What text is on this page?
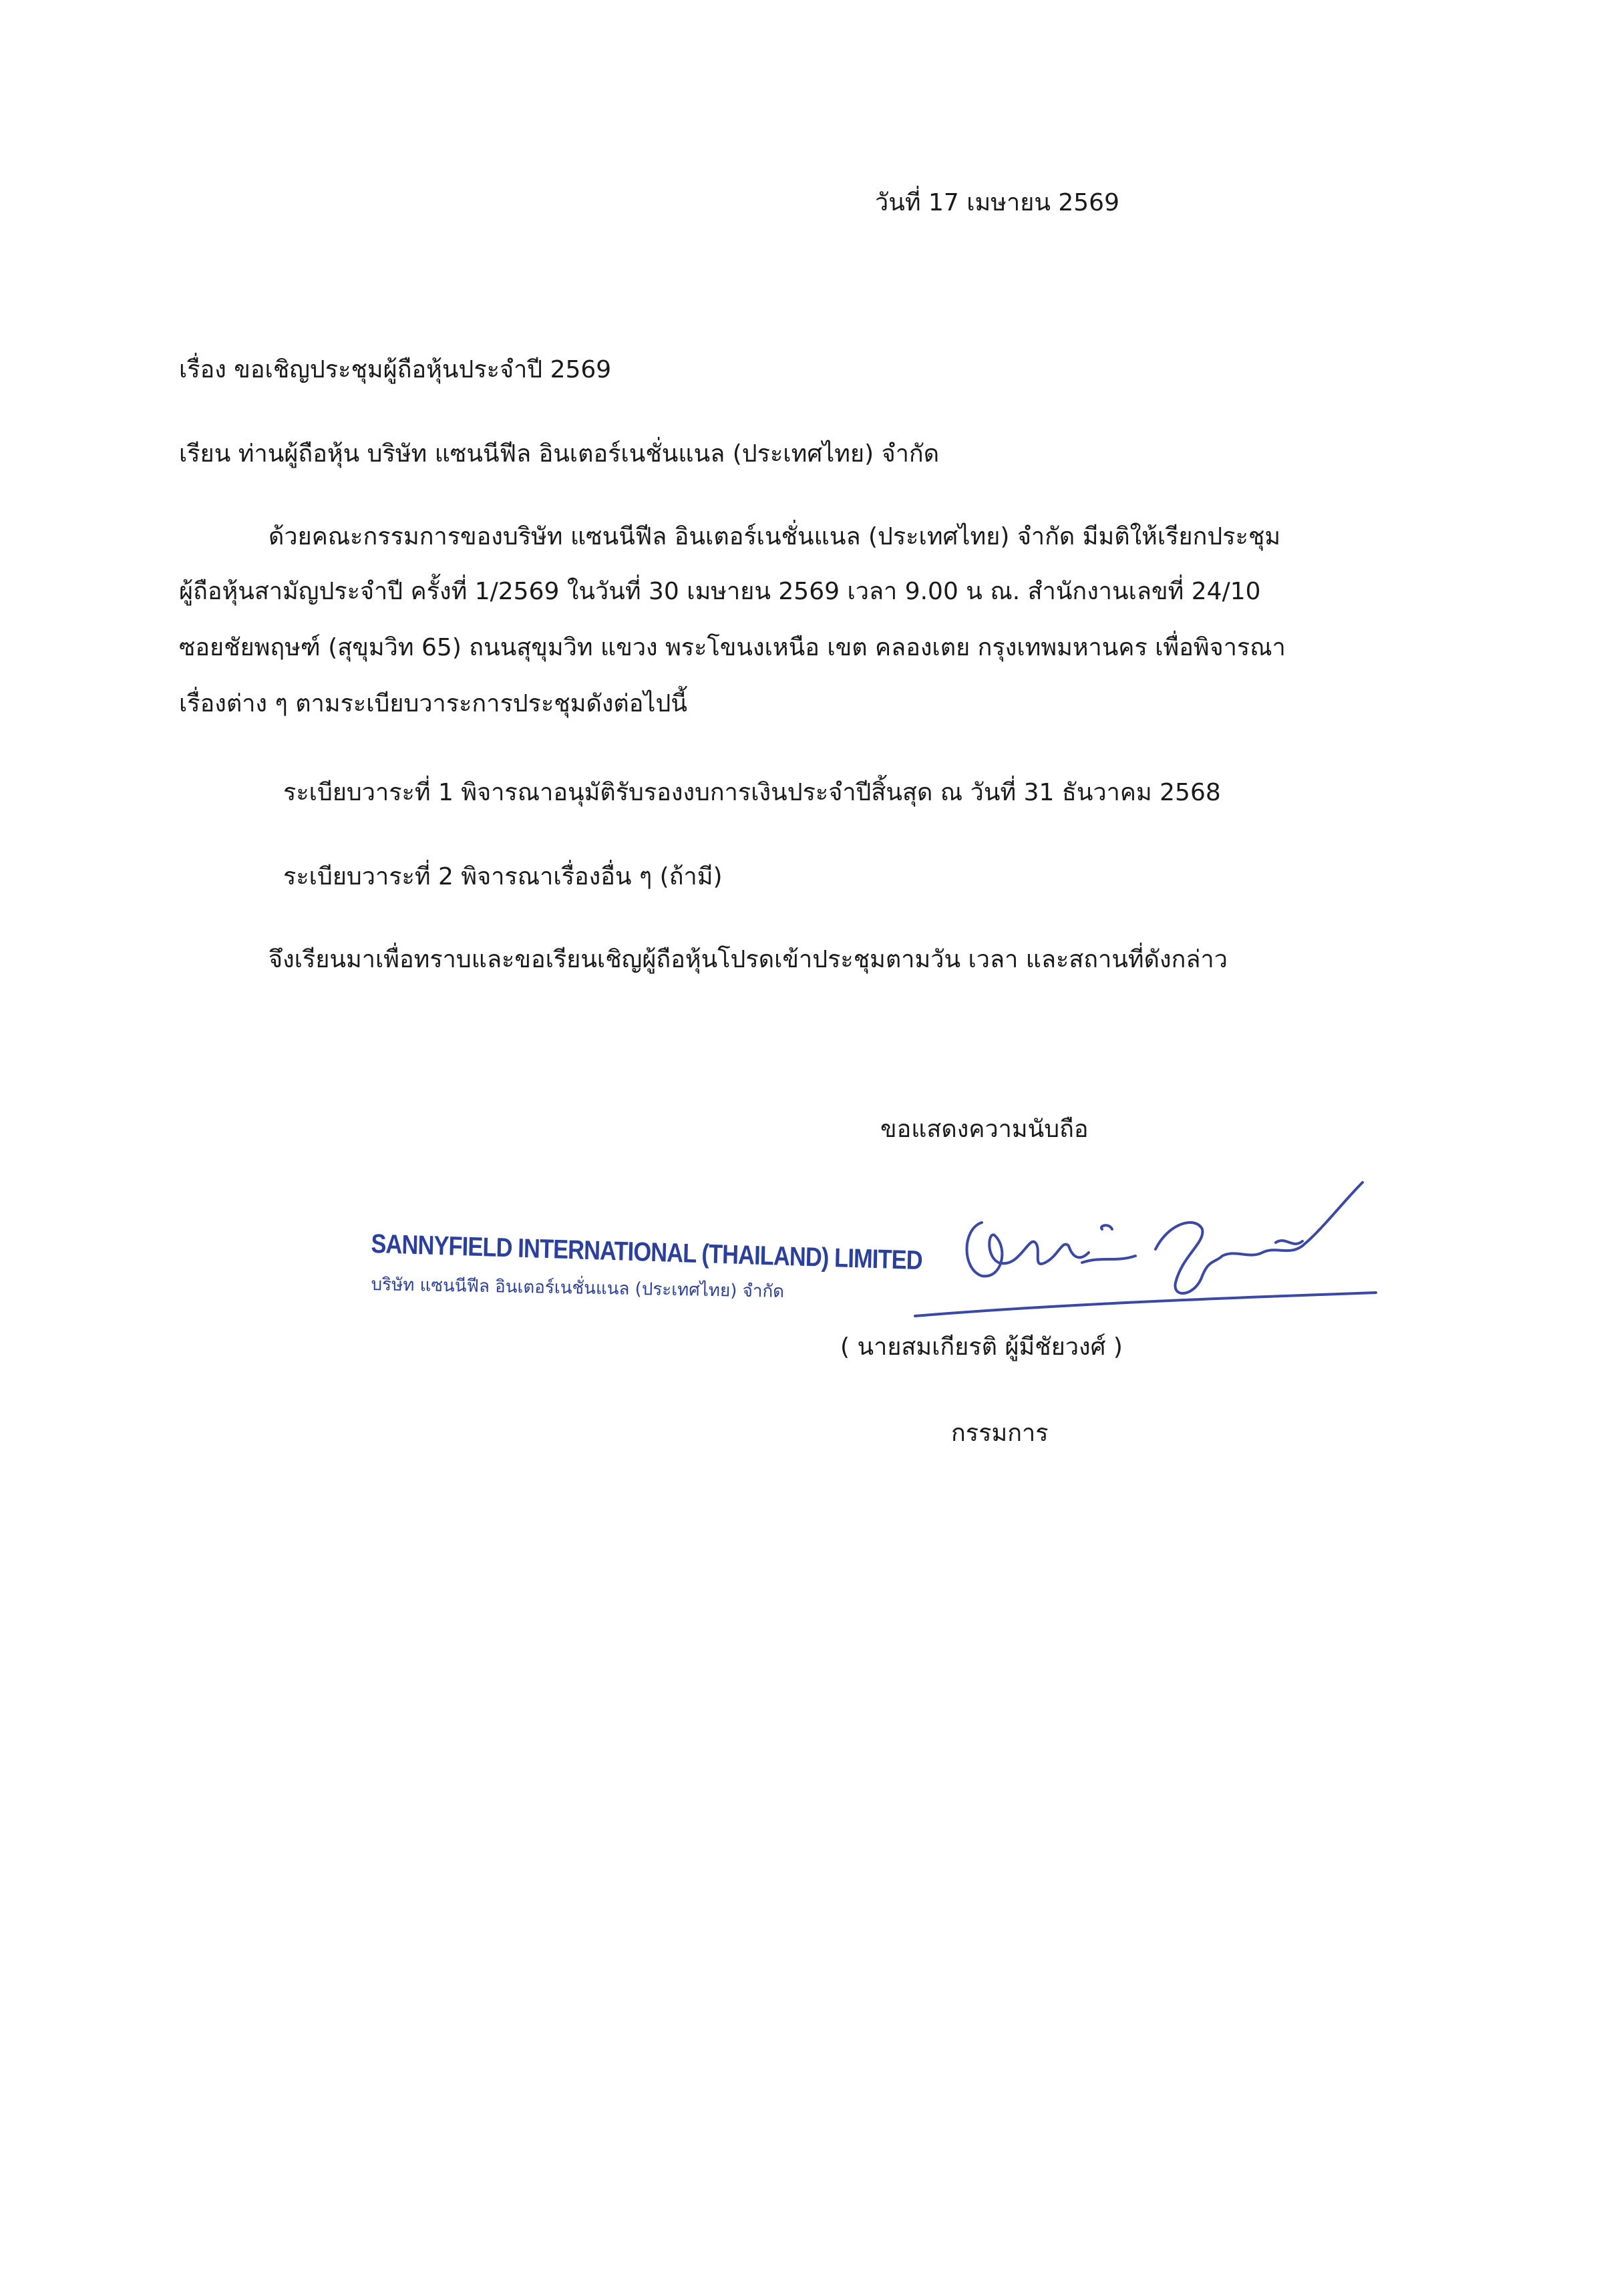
วันที่ 17 เมษายน 2569
เรื่อง ขอเชิญประชุมผู้ถือหุ้นประจำปี 2569
เรียน ท่านผู้ถือหุ้น บริษัท แซนนีฟีล อินเตอร์เนชั่นแนล (ประเทศไทย) จำกัด
ด้วยคณะกรรมการของบริษัท แซนนีฟีล อินเตอร์เนชั่นแนล (ประเทศไทย) จำกัด มีมติให้เรียกประชุม
ผู้ถือหุ้นสามัญประจำปี ครั้งที่ 1/2569 ในวันที่ 30 เมษายน 2569 เวลา 9.00 น ณ. สำนักงานเลขที่ 24/10
ซอยชัยพฤษฑ์ (สุขุมวิท 65) ถนนสุขุมวิท แขวง พระโขนงเหนือ เขต คลองเตย กรุงเทพมหานคร เพื่อพิจารณา
เรื่องต่าง ๆ ตามระเบียบวาระการประชุมดังต่อไปนี้
ระเบียบวาระที่ 1 พิจารณาอนุมัติรับรองงบการเงินประจำปีสิ้นสุด ณ วันที่ 31 ธันวาคม 2568
ระเบียบวาระที่ 2 พิจารณาเรื่องอื่น ๆ (ถ้ามี)
จึงเรียนมาเพื่อทราบและขอเรียนเชิญผู้ถือหุ้นโปรดเข้าประชุมตามวัน เวลา และสถานที่ดังกล่าว
ขอแสดงความนับถือ
SANNYFIELD INTERNATIONAL (THAILAND) LIMITED
บริษัท แซนนีฟีล อินเตอร์เนชั่นแนล (ประเทศไทย) จำกัด
( นายสมเกียรติ ผู้มีชัยวงศ์ )
กรรมการ
